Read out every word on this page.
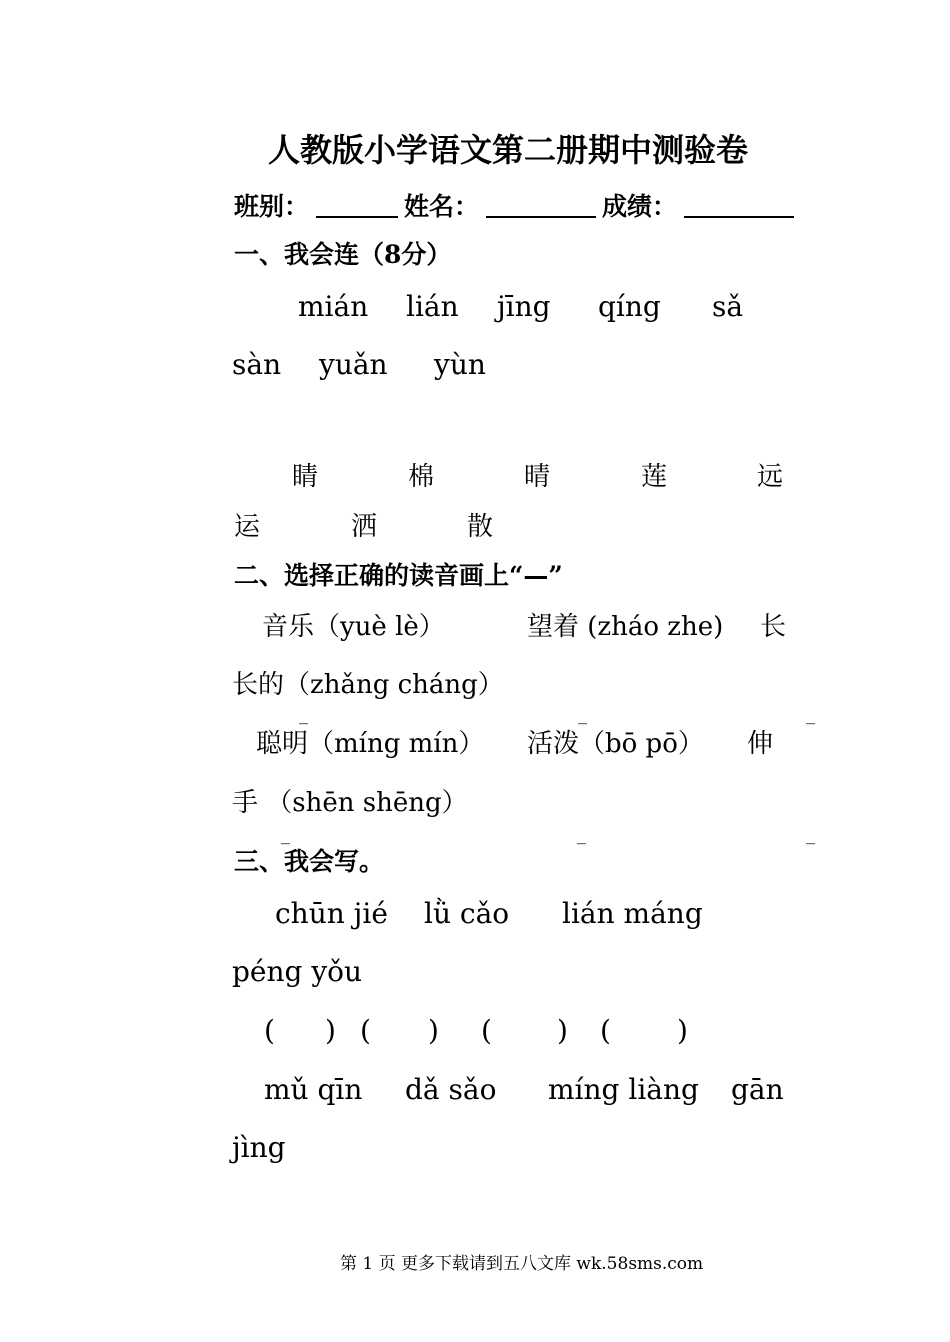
人教版小学语文第二册期中测验卷
班别：	姓名：	成绩：
一、我会连（8分）
mián lián jīng qíng sǎ
sàn yuǎn yùn
睛	棉	晴	莲	远
运	洒	散
二、选择正确的读音画上“—”
音乐（yuè lè）	望着 (zháo zhe) 长
长的（zhǎng cháng）
_	_	_
聪明（míng mín） 活泼（bō pō） 伸
手 （shēn shēng）
_	_	_
三、我会写。
chūn jié lǜ cǎo lián máng
péng yǒu
( ) ( ) ( ) ( )
mǔ qīn dǎ sǎo míng liàng gān
jìng
第 1 页 更多下载请到五八文库 wk.58sms.com
